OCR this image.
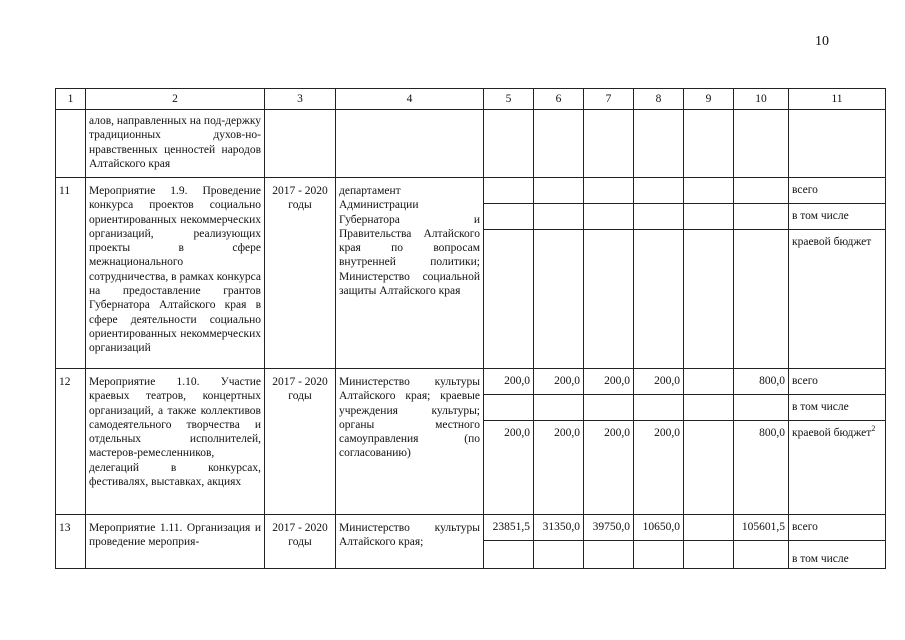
10
1	2	3	4	5	6	7	8	9	10	11
	алов, направленных на под-держку традиционных духов-но-нравственных ценностей народов Алтайского края									
11	Мероприятие 1.9. Проведение конкурса проектов социально ориентированных некоммерческих организаций, реализующих проекты в сфере межнационального сотрудничества, в рамках конкурса на предоставление грантов Губернатора Алтайского края в сфере деятельности социально ориентированных некоммерческих организаций	2017 - 2020 годы	департамент Администрации Губернатора и Правительства Алтайского края по вопросам внутренней политики; Министерство социальной защиты Алтайского края							всего
										в том числе
										краевой бюджет
12	Мероприятие 1.10. Участие краевых театров, концертных организаций, а также коллективов самодеятельного творчества и отдельных исполнителей, мастеров-ремесленников, делегаций в конкурсах, фестивалях, выставках, акциях	2017 - 2020 годы	Министерство культуры Алтайского края; краевые учреждения культуры; органы местного самоуправления (по согласованию)	200,0	200,0	200,0	200,0		800,0	всего
										в том числе
				200,0	200,0	200,0	200,0		800,0	краевой бюджет$^2$
13	Мероприятие 1.11. Организация и проведение мероприя-	2017 - 2020 годы	Министерство культуры Алтайского края;	23851,5	31350,0	39750,0	10650,0		105601,5	всего
										в том числе
